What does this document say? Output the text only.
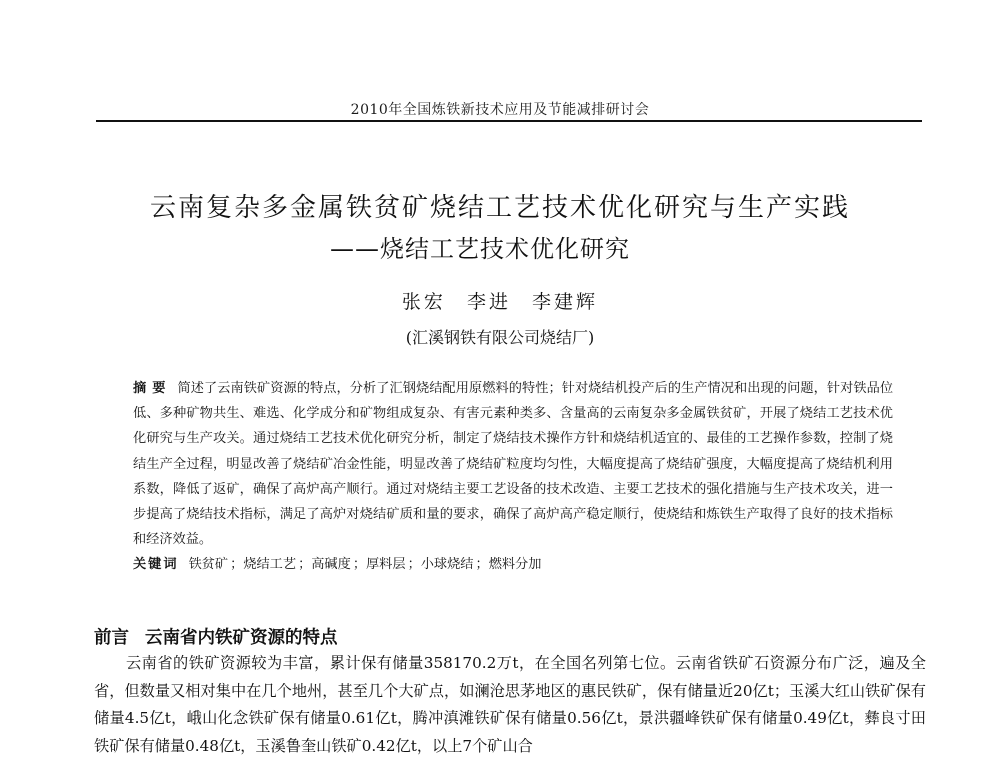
2010年全国炼铁新技术应用及节能减排研讨会
云南复杂多金属铁贫矿烧结工艺技术优化研究与生产实践
——烧结工艺技术优化研究
张宏 李进 李建辉
(汇溪钢铁有限公司烧结厂)

摘要 简述了云南铁矿资源的特点，分析了汇钢烧结配用原燃料的特性；针对烧结机投产后的生产情况和出现的问题，针对铁品位低、多种矿物共生、难选、化学成分和矿物组成复杂、有害元素种类多、含量高的云南复杂多金属铁贫矿，开展了烧结工艺技术优化研究与生产攻关。通过烧结工艺技术优化研究分析，制定了烧结技术操作方针和烧结机适宜的、最佳的工艺操作参数，控制了烧结生产全过程，明显改善了烧结矿冶金性能，明显改善了烧结矿粒度均匀性，大幅度提高了烧结矿强度，大幅度提高了烧结机利用系数，降低了返矿，确保了高炉高产顺行。通过对烧结主要工艺设备的技术改造、主要工艺技术的强化措施与生产技术攻关，进一步提高了烧结技术指标，满足了高炉对烧结矿质和量的要求，确保了高炉高产稳定顺行，使烧结和炼铁生产取得了良好的技术指标和经济效益。

关键词 铁贫矿 ；烧结工艺 ；高碱度 ；厚料层 ；小球烧结 ；燃料分加

前言 云南省内铁矿资源的特点

云南省的铁矿资源较为丰富，累计保有储量358170.2万t，在全国名列第七位。云南省铁矿石资源分布广泛，遍及全省，但数量又相对集中在几个地州，甚至几个大矿点，如澜沧思茅地区的惠民铁矿，保有储量近20亿t；玉溪大红山铁矿保有储量4.5亿t，峨山化念铁矿保有储量0.61亿t，腾冲滇滩铁矿保有储量0.56亿t，景洪疆峰铁矿保有储量0.49亿t，彝良寸田铁矿保有储量0.48亿t，玉溪鲁奎山铁矿0.42亿t，以上7个矿山合
